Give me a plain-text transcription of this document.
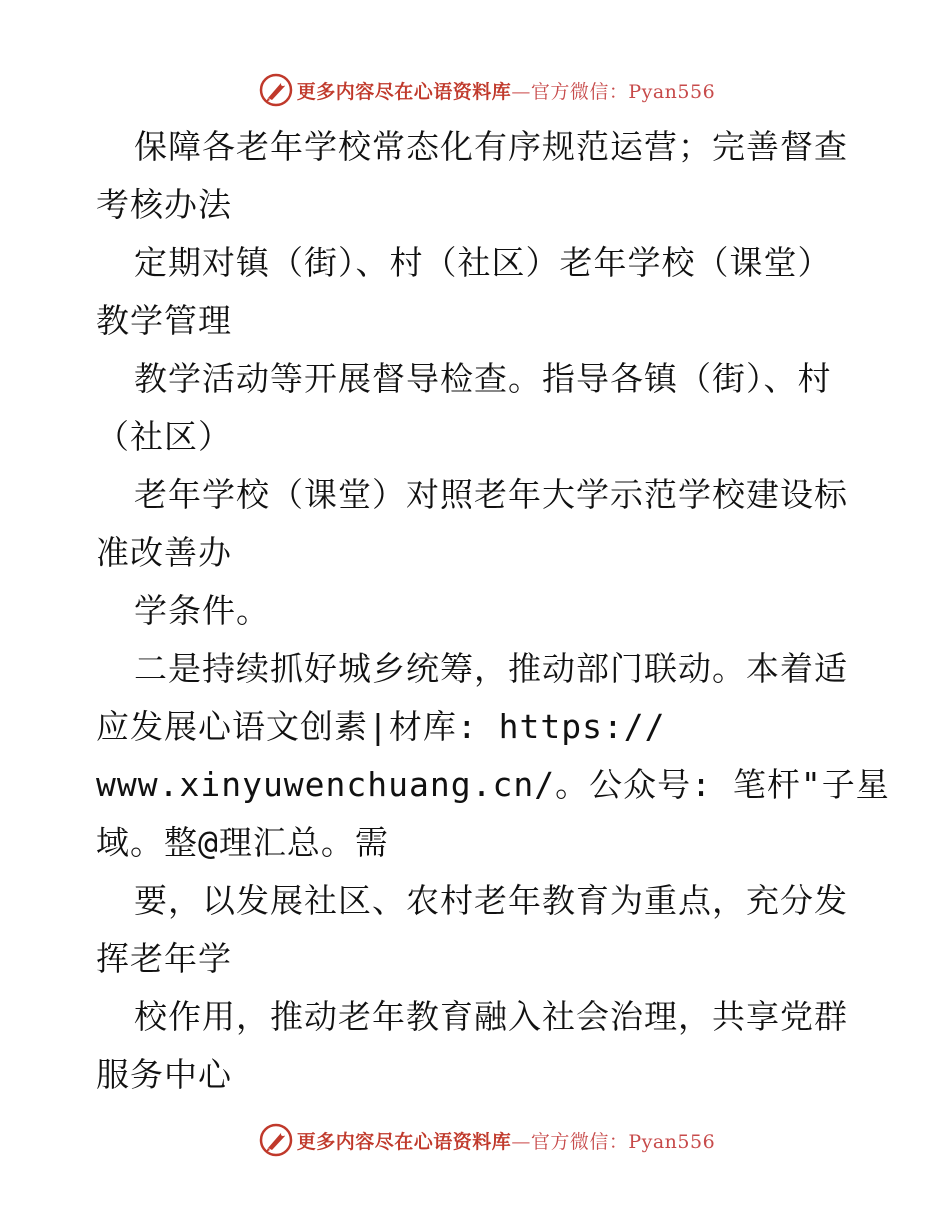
更多内容尽在心语资料库—官方微信：Pyan556
保障各老年学校常态化有序规范运营；完善督查
考核办法
定期对镇（街）、村（社区）老年学校（课堂）
教学管理
教学活动等开展督导检查。指导各镇（街）、村
（社区）
老年学校（课堂）对照老年大学示范学校建设标
准改善办
学条件。
二是持续抓好城乡统筹，推动部门联动。本着适
应发展心语文创素|材库: https://
www.xinyuwenchuang.cn/。公众号: 笔杆"子星
域。整@理汇总。需
要，以发展社区、农村老年教育为重点，充分发
挥老年学
校作用，推动老年教育融入社会治理，共享党群
服务中心
更多内容尽在心语资料库—官方微信：Pyan556
